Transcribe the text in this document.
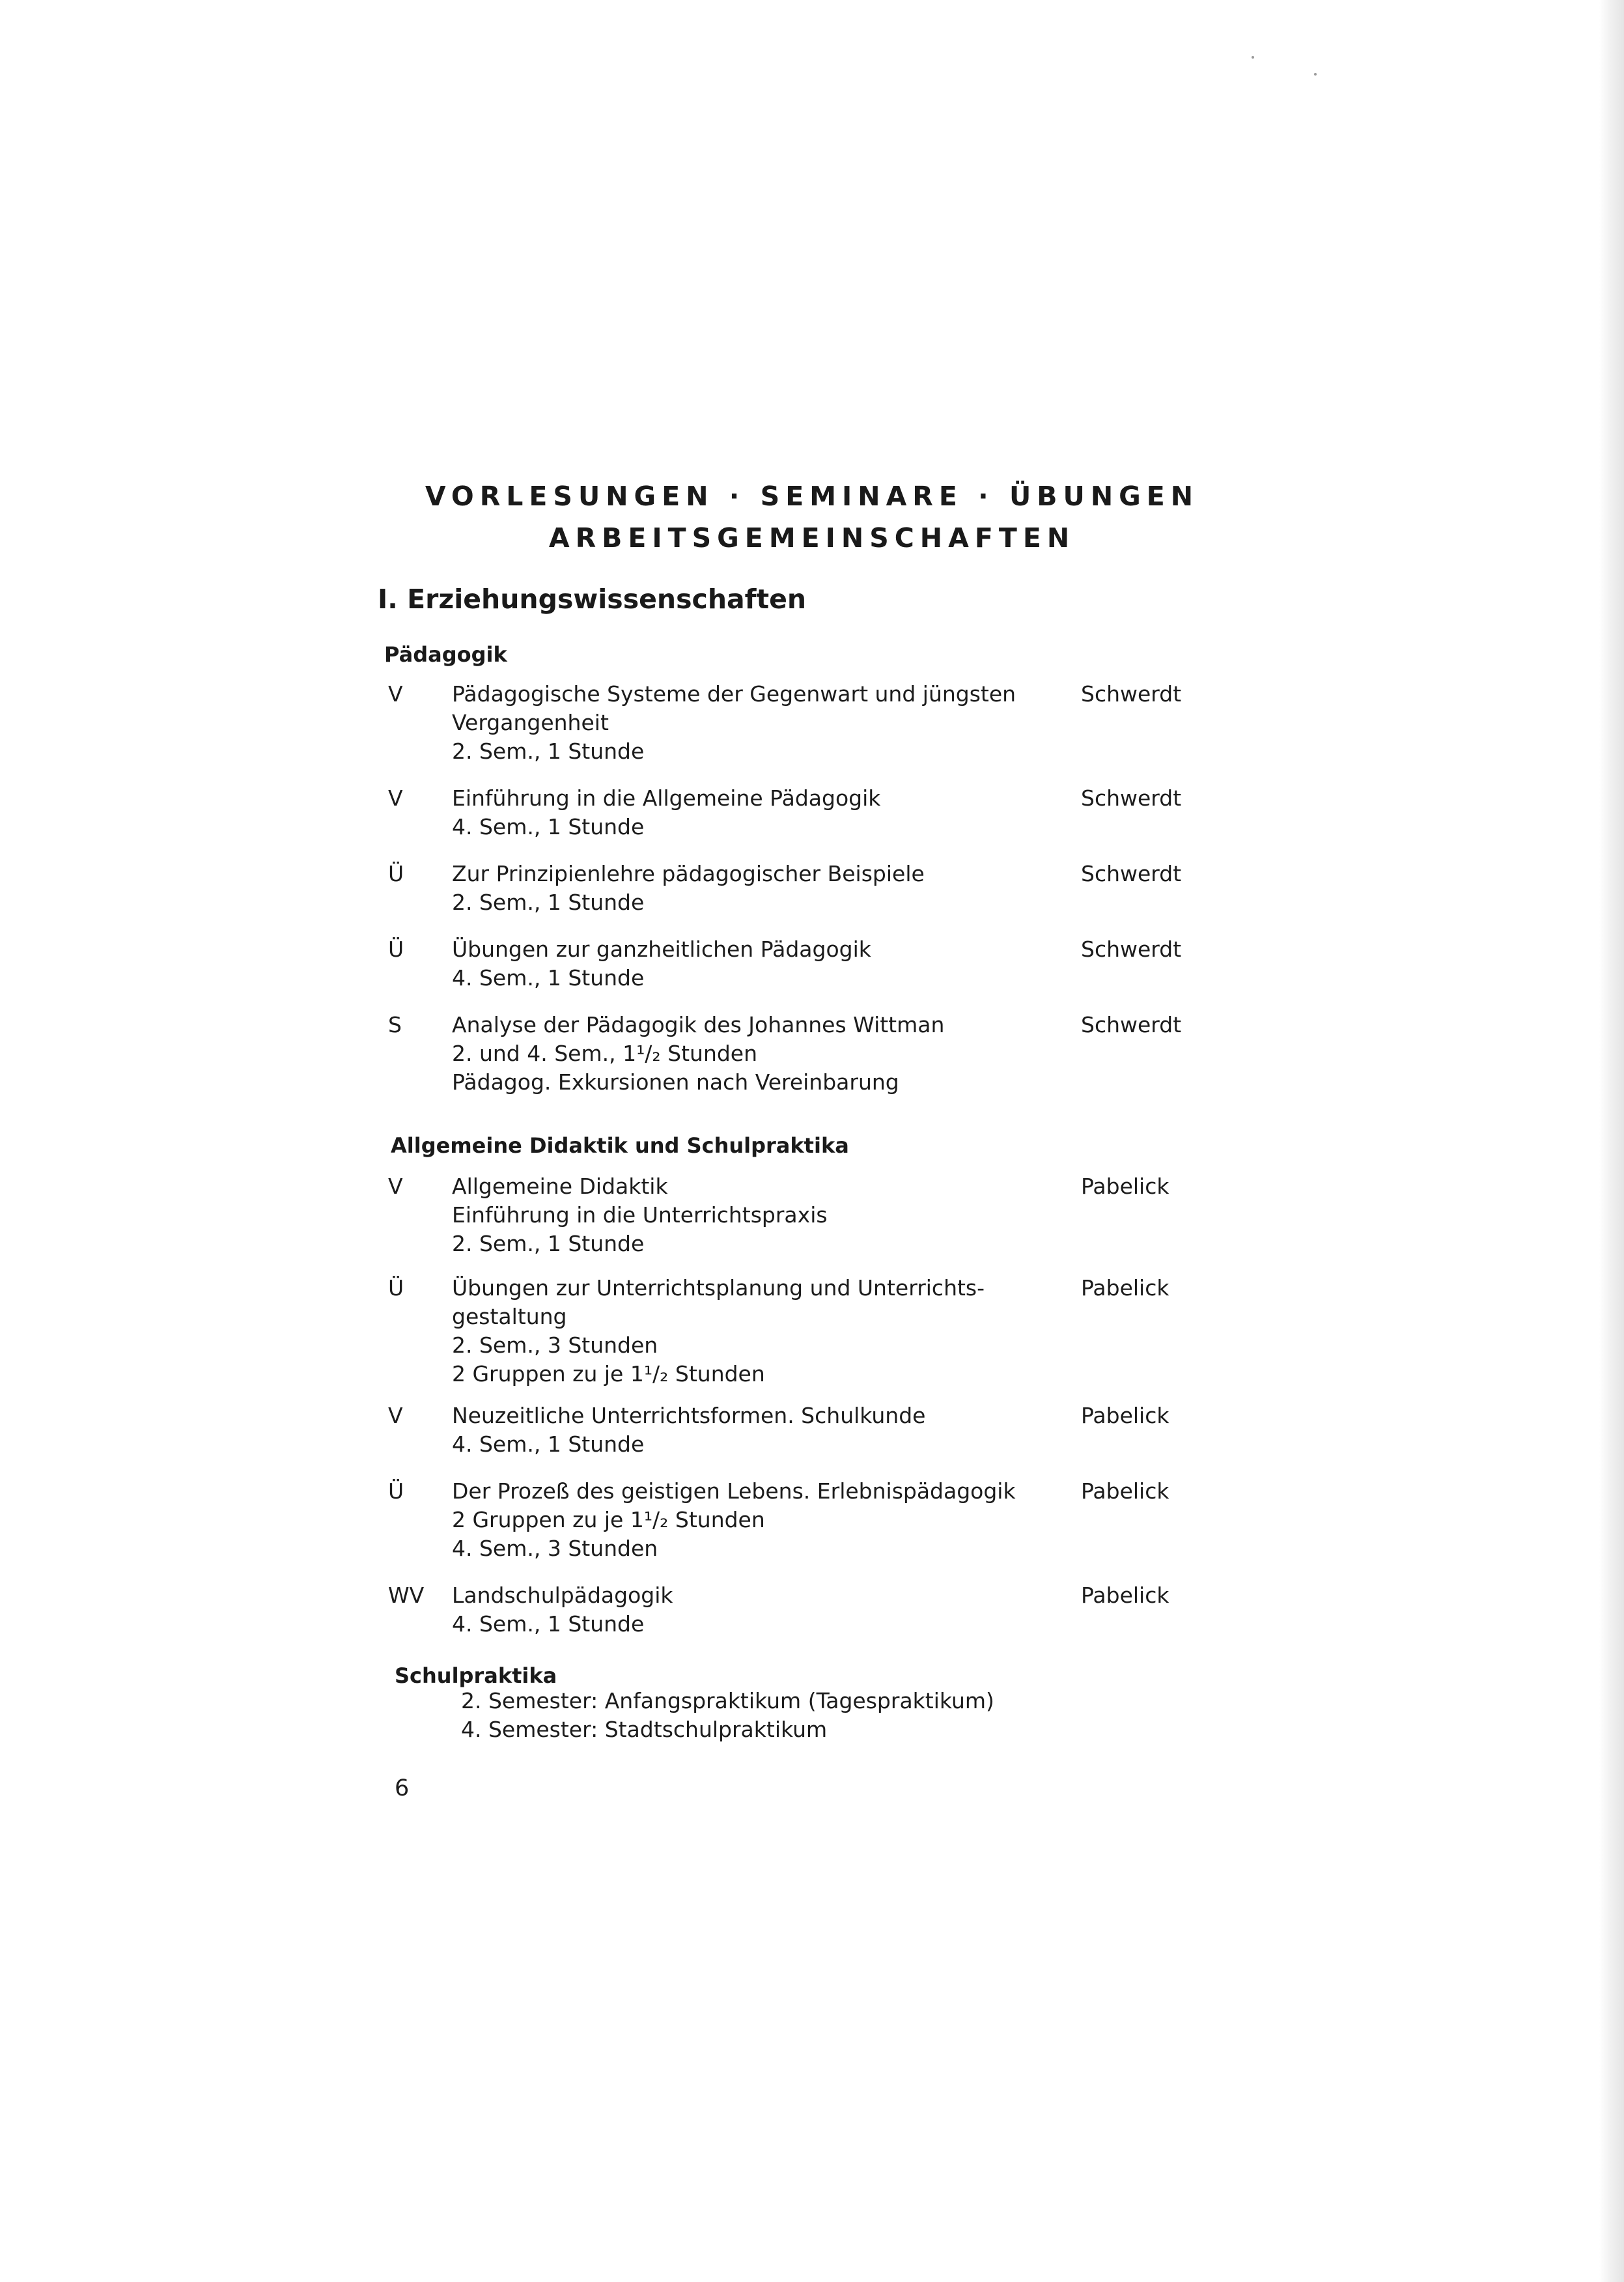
VORLESUNGEN · SEMINARE · ÜBUNGEN
ARBEITSGEMEINSCHAFTEN
I. Erziehungswissenschaften
Pädagogik
V Pädagogische Systeme der Gegenwart und jüngsten
Vergangenheit
2. Sem., 1 Stunde
Schwerdt
V Einführung in die Allgemeine Pädagogik
4. Sem., 1 Stunde
Schwerdt
Ü Zur Prinzipienlehre pädagogischer Beispiele
2. Sem., 1 Stunde
Schwerdt
Ü Übungen zur ganzheitlichen Pädagogik
4. Sem., 1 Stunde
Schwerdt
S Analyse der Pädagogik des Johannes Wittman
2. und 4. Sem., 1¹/₂ Stunden
Pädagog. Exkursionen nach Vereinbarung
Schwerdt
Allgemeine Didaktik und Schulpraktika
V Allgemeine Didaktik
Einführung in die Unterrichtspraxis
2. Sem., 1 Stunde
Pabelick
Ü Übungen zur Unterrichtsplanung und Unterrichts-
gestaltung
2. Sem., 3 Stunden
2 Gruppen zu je 1¹/₂ Stunden
Pabelick
V Neuzeitliche Unterrichtsformen. Schulkunde
4. Sem., 1 Stunde
Pabelick
Ü Der Prozeß des geistigen Lebens. Erlebnispädagogik
2 Gruppen zu je 1¹/₂ Stunden
4. Sem., 3 Stunden
Pabelick
WV Landschulpädagogik
4. Sem., 1 Stunde
Pabelick
Schulpraktika
2. Semester: Anfangspraktikum (Tagespraktikum)
4. Semester: Stadtschulpraktikum
6
